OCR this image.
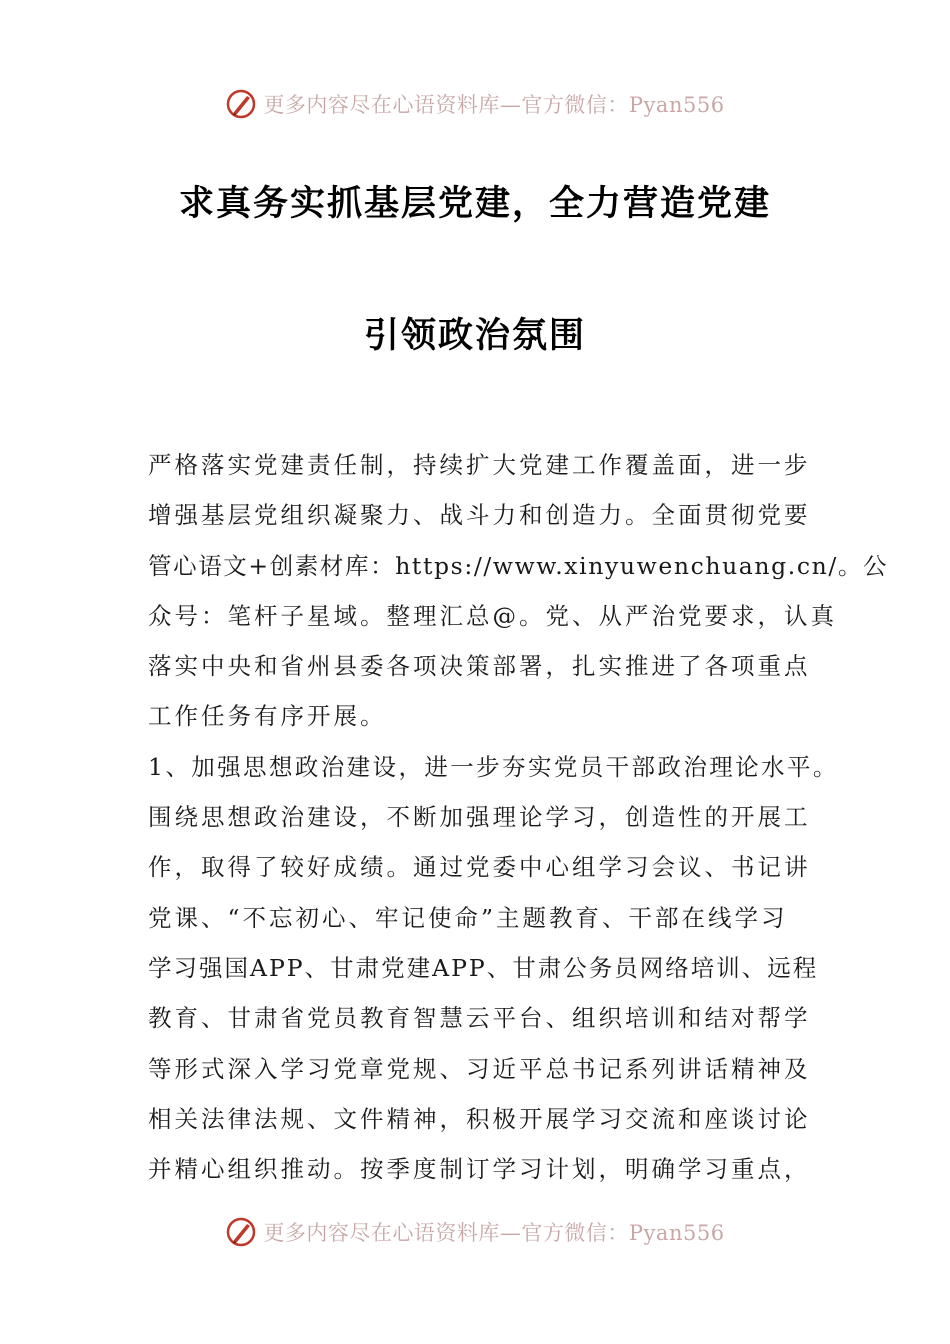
更多内容尽在心语资料库—官方微信：Pyan556
求真务实抓基层党建，全力营造党建
引领政治氛围
严格落实党建责任制，持续扩大党建工作覆盖面，进一步
增强基层党组织凝聚力、战斗力和创造力。全面贯彻党要
管心语文+创素材库：https://www.xinyuwenchuang.cn/。公
众号：笔杆子星域。整理汇总@。党、从严治党要求，认真
落实中央和省州县委各项决策部署，扎实推进了各项重点
工作任务有序开展。
1、加强思想政治建设，进一步夯实党员干部政治理论水平。
围绕思想政治建设，不断加强理论学习，创造性的开展工
作，取得了较好成绩。通过党委中心组学习会议、书记讲
党课、“不忘初心、牢记使命”主题教育、干部在线学习
学习强国APP、甘肃党建APP、甘肃公务员网络培训、远程
教育、甘肃省党员教育智慧云平台、组织培训和结对帮学
等形式深入学习党章党规、习近平总书记系列讲话精神及
相关法律法规、文件精神，积极开展学习交流和座谈讨论
并精心组织推动。按季度制订学习计划，明确学习重点，
更多内容尽在心语资料库—官方微信：Pyan556
